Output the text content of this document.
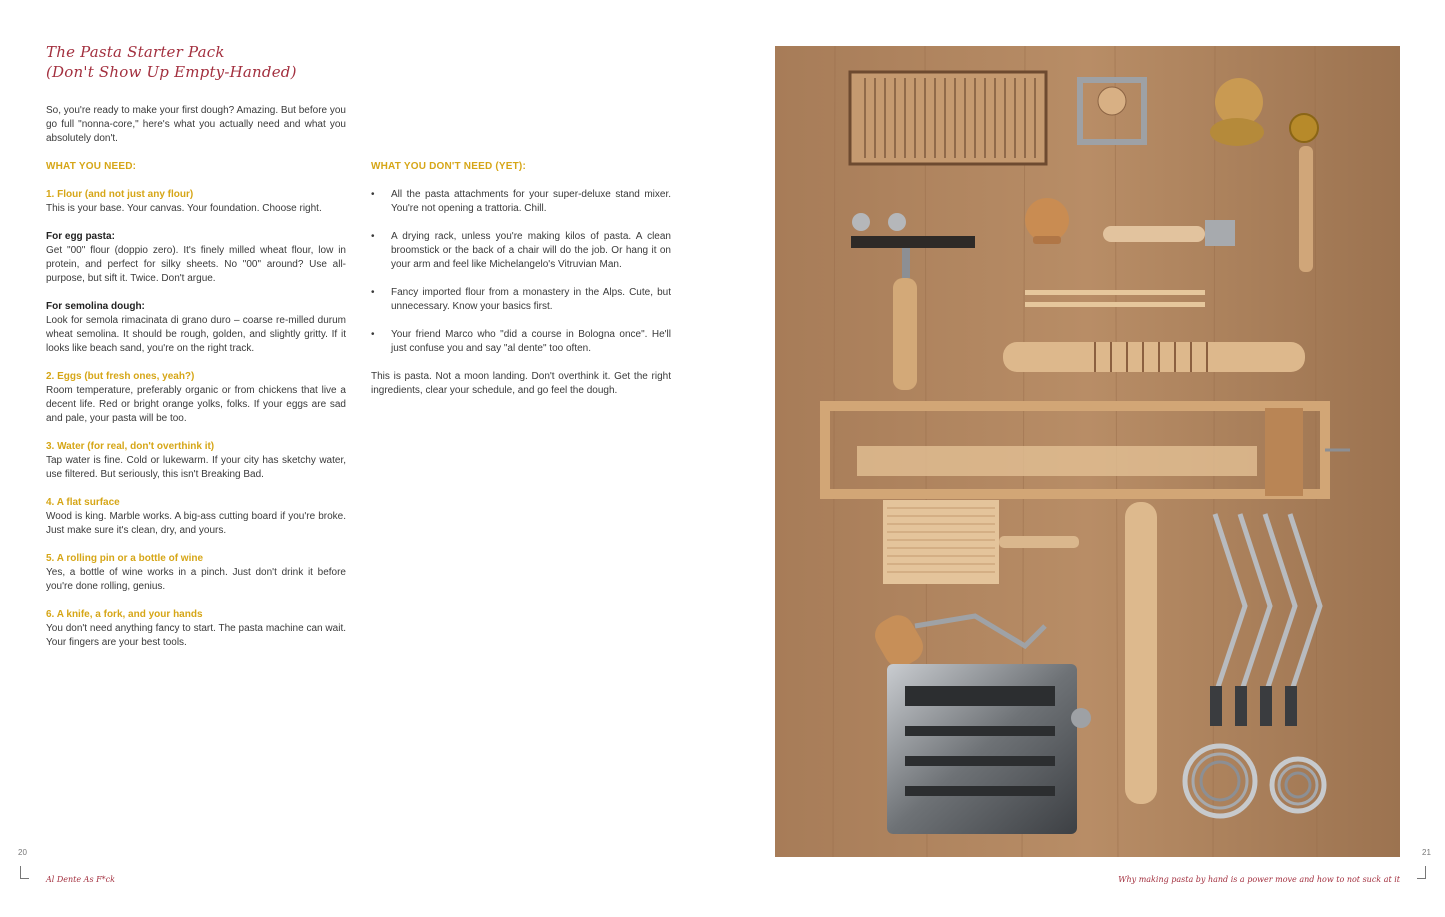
The Pasta Starter Pack
(Don't Show Up Empty-Handed)

So, you're ready to make your first dough? Amazing. But before you go full "nonna-core," here's what you actually need and what you absolutely don't.

WHAT YOU NEED:
1. Flour (and not just any flour)
This is your base. Your canvas. Your foundation. Choose right.
For egg pasta:
Get "00" flour (doppio zero). It's finely milled wheat flour, low in protein, and perfect for silky sheets. No "00" around? Use all-purpose, but sift it. Twice. Don't argue.
For semolina dough:
Look for semola rimacinata di grano duro – coarse re-milled durum wheat semolina. It should be rough, golden, and slightly gritty. If it looks like beach sand, you're on the right track.
2. Eggs (but fresh ones, yeah?)
Room temperature, preferably organic or from chickens that live a decent life. Red or bright orange yolks, folks. If your eggs are sad and pale, your pasta will be too.
3. Water (for real, don't overthink it)
Tap water is fine. Cold or lukewarm. If your city has sketchy water, use filtered. But seriously, this isn't Breaking Bad.
4. A flat surface
Wood is king. Marble works. A big-ass cutting board if you're broke. Just make sure it's clean, dry, and yours.
5. A rolling pin or a bottle of wine
Yes, a bottle of wine works in a pinch. Just don't drink it before you're done rolling, genius.
6. A knife, a fork, and your hands
You don't need anything fancy to start. The pasta machine can wait. Your fingers are your best tools.
WHAT YOU DON'T NEED (YET):
• All the pasta attachments for your super-deluxe stand mixer. You're not opening a trattoria. Chill.
• A drying rack, unless you're making kilos of pasta. A clean broomstick or the back of a chair will do the job. Or hang it on your arm and feel like Michelangelo's Vitruvian Man.
• Fancy imported flour from a monastery in the Alps. Cute, but unnecessary. Know your basics first.
• Your friend Marco who "did a course in Bologna once". He'll just confuse you and say "al dente" too often.

This is pasta. Not a moon landing. Don't overthink it. Get the right ingredients, clear your schedule, and go feel the dough.

20	21
Al Dente As F*ck	Why making pasta by hand is a power move and how to not suck at it
